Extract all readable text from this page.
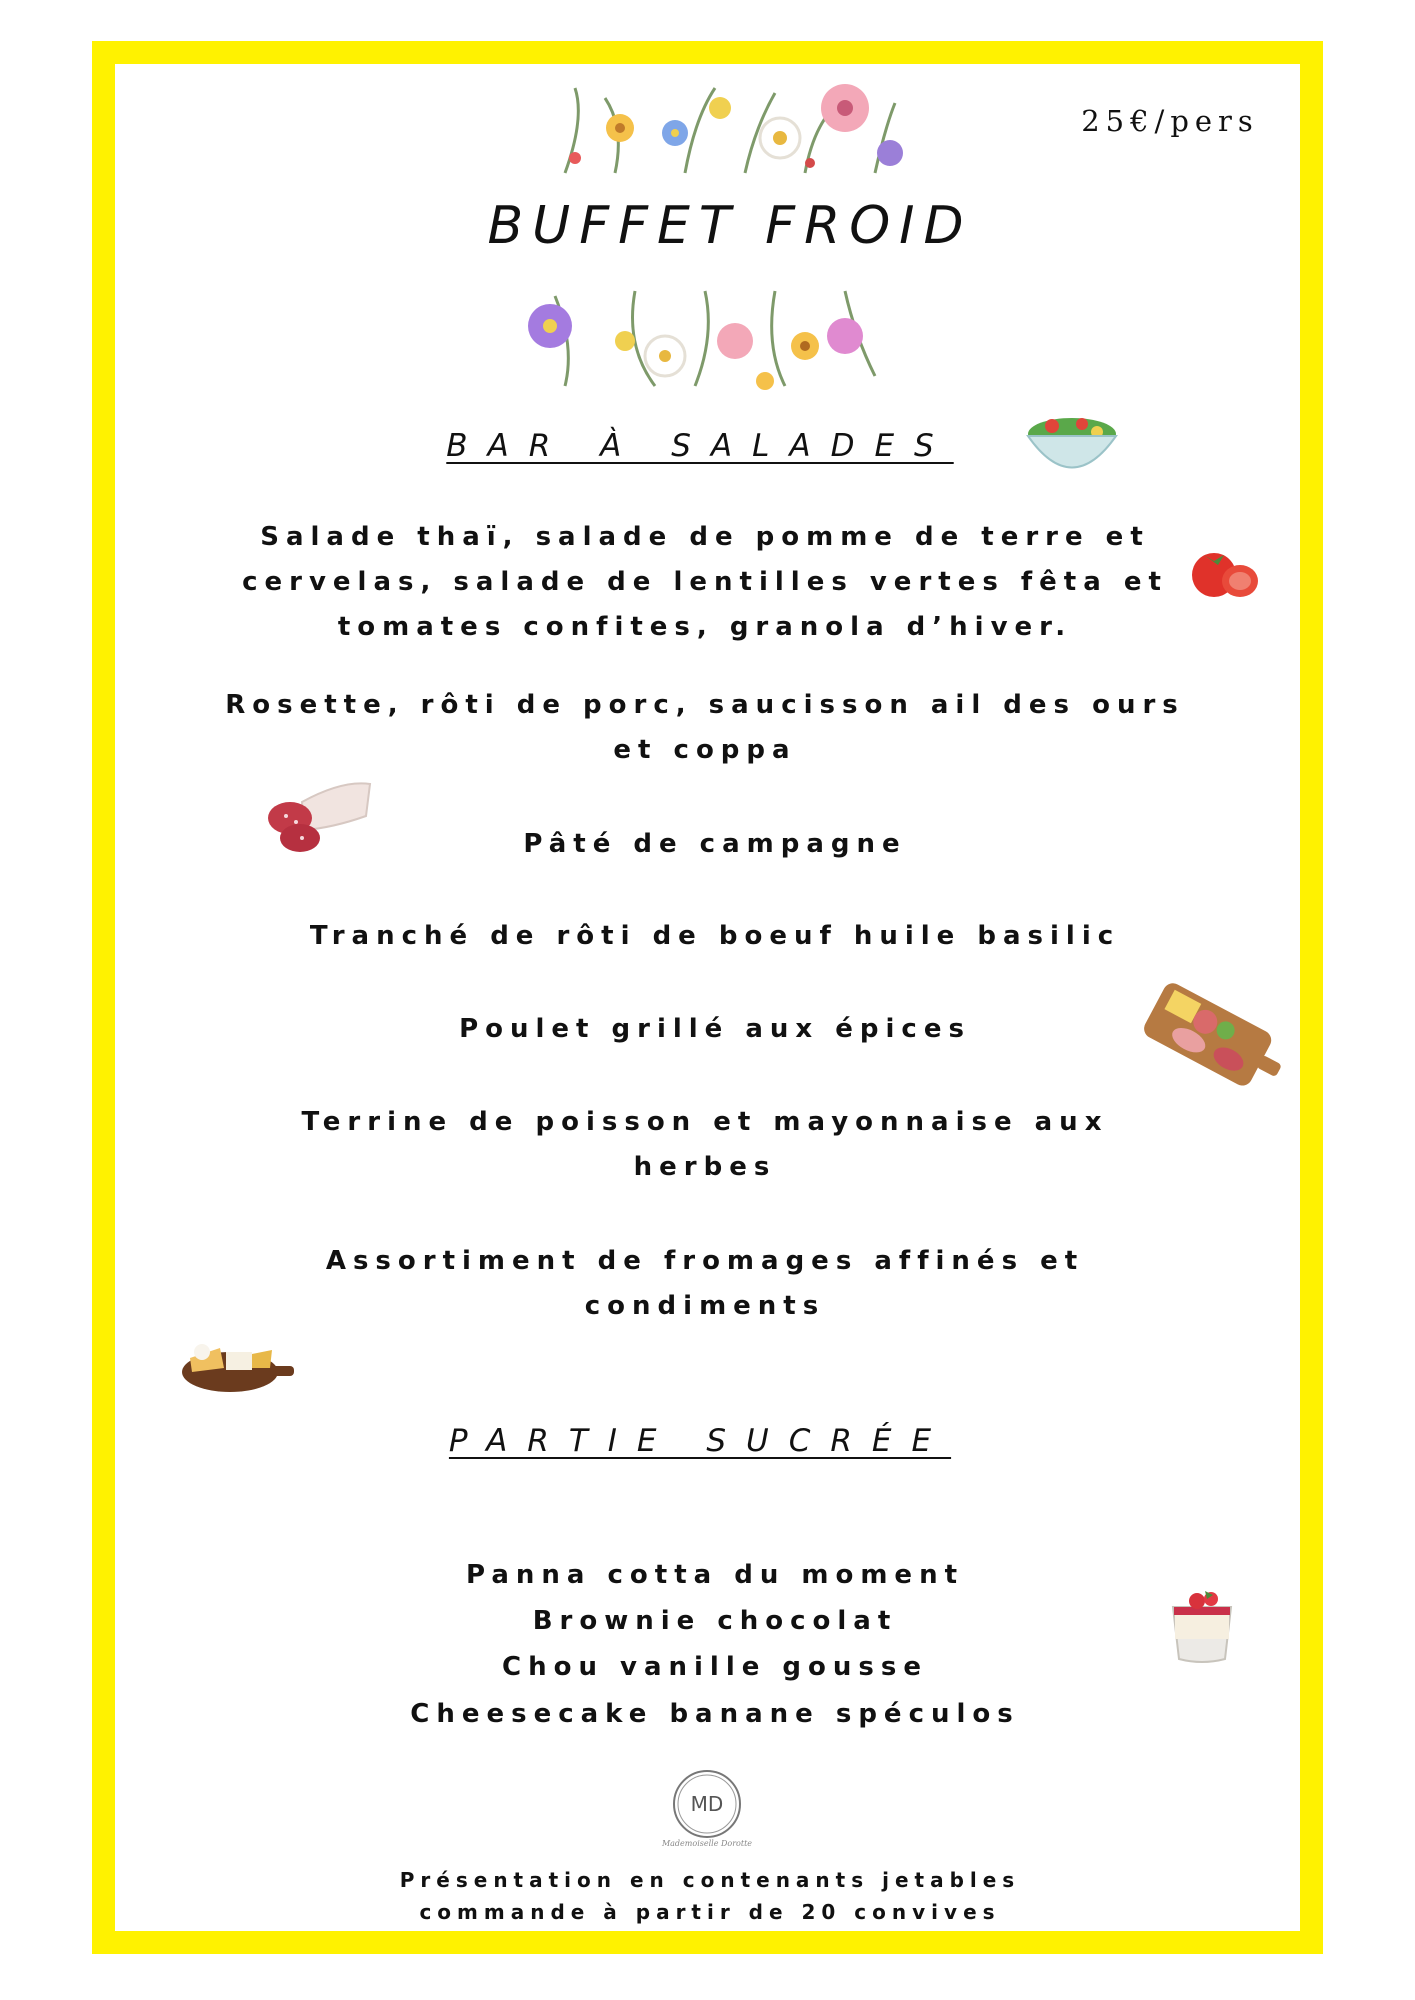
25€/pers
BUFFET FROID
BAR À SALADES
Salade thaï, salade de pomme de terre et cervelas, salade de lentilles vertes fêta et tomates confites, granola d’hiver.
Rosette, rôti de porc, saucisson ail des ours et coppa
Pâté de campagne
Tranché de rôti de boeuf huile basilic
Poulet grillé aux épices
Terrine de poisson et mayonnaise aux herbes
Assortiment de fromages affinés et condiments
PARTIE SUCRÉE
Panna cotta du moment
Brownie chocolat
Chou vanille gousse
Cheesecake banane spéculos
MD
Mademoiselle Dorotte
Présentation en contenants jetables
commande à partir de 20 convives
